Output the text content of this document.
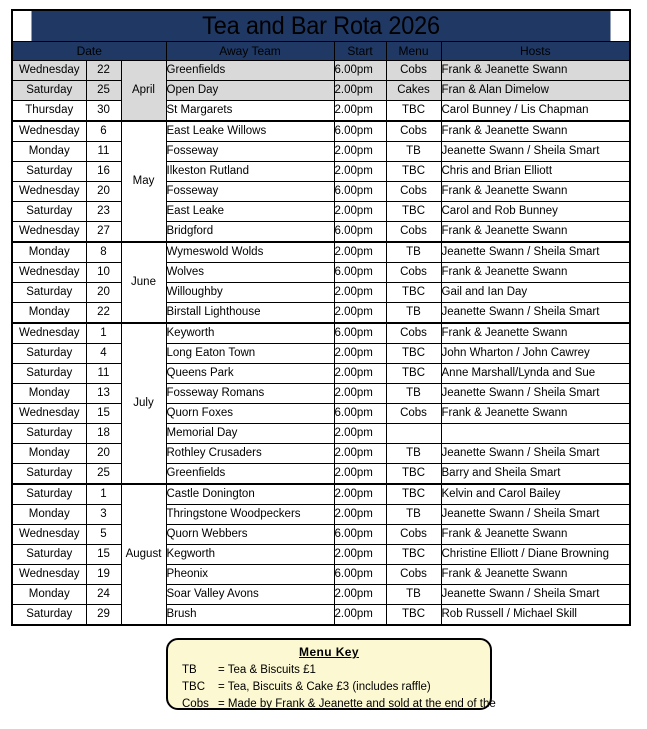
Tea and Bar Rota 2026						
Date			Away Team	Start	Menu	Hosts
Wednesday	22	April	Greenfields	6.00pm	Cobs	Frank & Jeanette Swann
Saturday	25		Open Day	2.00pm	Cakes	Fran & Alan Dimelow
Thursday	30		St Margarets	2.00pm	TBC	Carol Bunney / Lis Chapman
Wednesday	6	May	East Leake Willows	6.00pm	Cobs	Frank & Jeanette Swann
Monday	11		Fosseway	2.00pm	TB	Jeanette Swann / Sheila Smart
Saturday	16		Ilkeston Rutland	2.00pm	TBC	Chris and Brian Elliott
Wednesday	20		Fosseway	6.00pm	Cobs	Frank & Jeanette Swann
Saturday	23		East Leake	2.00pm	TBC	Carol and Rob Bunney
Wednesday	27		Bridgford	6.00pm	Cobs	Frank & Jeanette Swann
Monday	8	June	Wymeswold Wolds	2.00pm	TB	Jeanette Swann / Sheila Smart
Wednesday	10		Wolves	6.00pm	Cobs	Frank & Jeanette Swann
Saturday	20		Willoughby	2.00pm	TBC	Gail and Ian Day
Monday	22		Birstall Lighthouse	2.00pm	TB	Jeanette Swann / Sheila Smart
Wednesday	1	July	Keyworth	6.00pm	Cobs	Frank & Jeanette Swann
Saturday	4		Long Eaton Town	2.00pm	TBC	John Wharton / John Cawrey
Saturday	11		Queens Park	2.00pm	TBC	Anne Marshall/Lynda and Sue
Monday	13		Fosseway Romans	2.00pm	TB	Jeanette Swann / Sheila Smart
Wednesday	15		Quorn Foxes	6.00pm	Cobs	Frank & Jeanette Swann
Saturday	18		Memorial Day	2.00pm		
Monday	20		Rothley Crusaders	2.00pm	TB	Jeanette Swann / Sheila Smart
Saturday	25		Greenfields	2.00pm	TBC	Barry and Sheila Smart
Saturday	1	August	Castle Donington	2.00pm	TBC	Kelvin and Carol Bailey
Monday	3		Thringstone Woodpeckers	2.00pm	TB	Jeanette Swann / Sheila Smart
Wednesday	5		Quorn Webbers	6.00pm	Cobs	Frank & Jeanette Swann
Saturday	15		Kegworth	2.00pm	TBC	Christine Elliott / Diane Browning
Wednesday	19		Pheonix	6.00pm	Cobs	Frank & Jeanette Swann
Monday	24		Soar Valley Avons	2.00pm	TB	Jeanette Swann / Sheila Smart
Saturday	29		Brush	2.00pm	TBC	Rob Russell / Michael Skill
Menu Key
TB	= Tea & Biscuits £1
TBC	= Tea, Biscuits & Cake £3 (includes raffle)
Cobs = Made by Frank & Jeanette and sold at the end of the
